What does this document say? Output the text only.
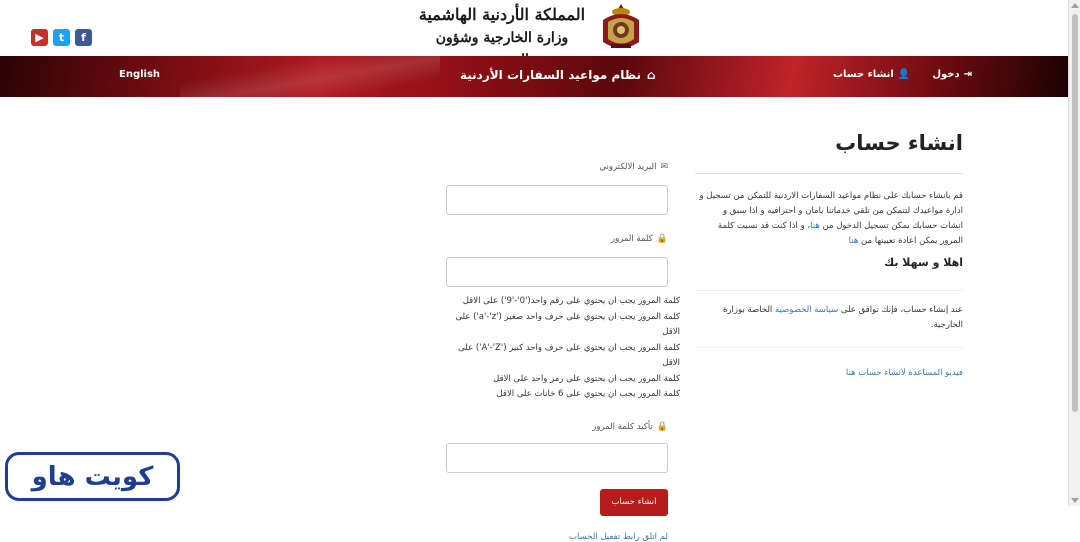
▶	t	f
المملكة الأردنية الهاشمية
وزارة الخارجية وشؤون
English	⌂
نظام مواعيد السفارات الأردنية	⇥
دخول
👤
انشاء حساب
انشاء حساب

قم بانشاء حسابك على نظام مواعيد السفارات الاردنية للتمكن من تسجيل و ادارة مواعيدك لتتمكن من تلقي خدماتنا بامان و احترافيه و اذا سبق و انشات حسابك يمكن تسجيل الدخول من هنا، و اذا كنت قد نسيت كلمة المرور يمكن اعادة تعيينها من هنا

اهلا و سهلا بك

عند إنشاء حساب، فإنك توافق على سياسة الخصوصية الخاصة بوزارة الخارجية.

فيديو المساعدة لانشاء حساب هنا
✉
البريد الالكتروني
🔒
كلمة المرور
كلمة المرور يجب ان يحتوي على رقم واحد('0'-'9') على الاقل
كلمة المرور يجب ان يحتوي على حرف واحد صغير ('a'-'z') على الاقل
كلمة المرور يجب ان يحتوي على حرف واحد كبير ('A'-'Z') على الاقل
كلمة المرور يجب ان يحتوي على رمز واحد على الاقل
كلمة المرور يجب ان يحتوي على 6 خانات على الاقل
🔒
تأكيد كلمة المرور
انشاء حساب
لم اتلق رابط تفعيل الحساب
كويت هاو
